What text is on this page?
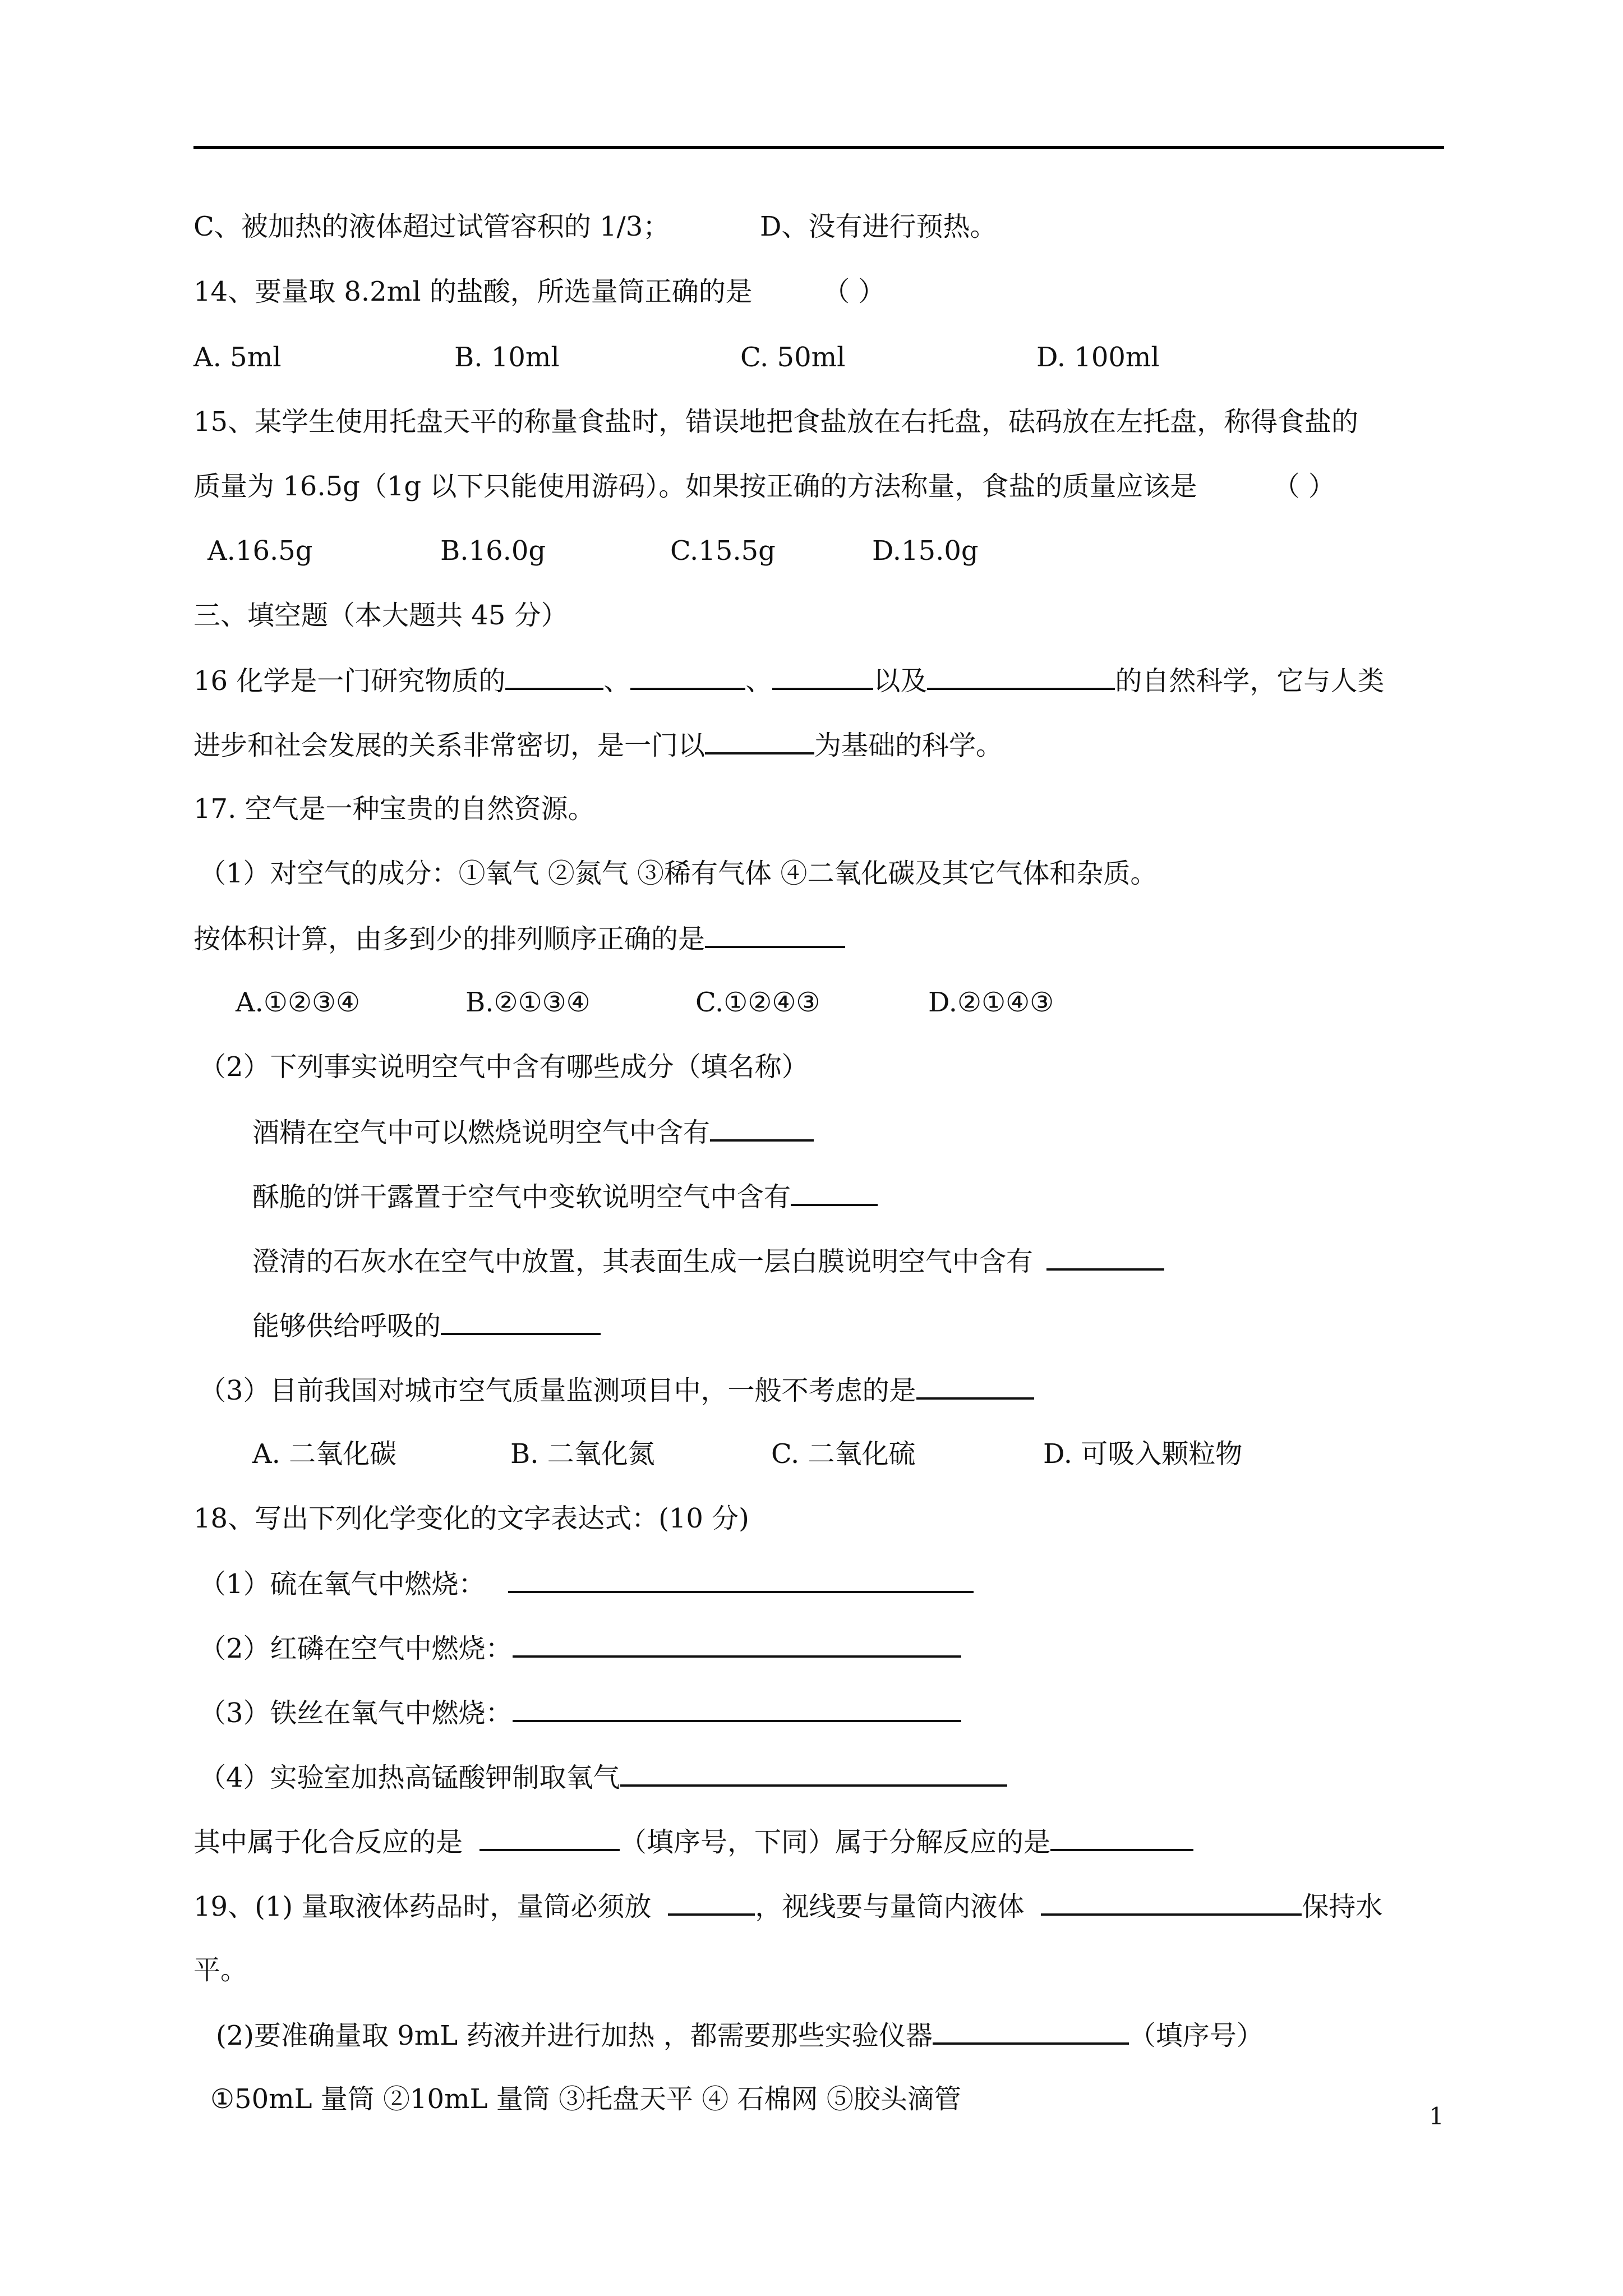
C、被加热的液体超过试管容积的 1/3；	D、没有进行预热。
14、要量取 8.2ml 的盐酸，所选量筒正确的是	（ ）
A. 5ml	B. 10ml	C. 50ml	D. 100ml
15、某学生使用托盘天平的称量食盐时，错误地把食盐放在右托盘，砝码放在左托盘，称得食盐的
质量为 16.5g（1g 以下只能使用游码）。如果按正确的方法称量，食盐的质量应该是	（ ）
A.16.5g	B.16.0g	C.15.5g	D.15.0g
三、填空题（本大题共 45 分）
16 化学是一门研究物质的	、	、	以及	的自然科学，它与人类
进步和社会发展的关系非常密切，是一门以	为基础的科学。
17. 空气是一种宝贵的自然资源。
（1）对空气的成分：①氧气 ②氮气 ③稀有气体 ④二氧化碳及其它气体和杂质。
按体积计算，由多到少的排列顺序正确的是
A.①②③④	B.②①③④	C.①②④③	D.②①④③
（2）下列事实说明空气中含有哪些成分（填名称）
酒精在空气中可以燃烧说明空气中含有
酥脆的饼干露置于空气中变软说明空气中含有
澄清的石灰水在空气中放置，其表面生成一层白膜说明空气中含有
能够供给呼吸的
（3）目前我国对城市空气质量监测项目中，一般不考虑的是
A. 二氧化碳	B. 二氧化氮	C. 二氧化硫	D. 可吸入颗粒物
18、写出下列化学变化的文字表达式：(10 分)
（1）硫在氧气中燃烧：
（2）红磷在空气中燃烧：
（3）铁丝在氧气中燃烧：
（4）实验室加热高锰酸钾制取氧气
其中属于化合反应的是	（填序号，下同）属于分解反应的是
19、(1) 量取液体药品时，量筒必须放	，视线要与量筒内液体	保持水
平。
(2)要准确量取 9mL 药液并进行加热 ，都需要那些实验仪器	（填序号）
①50mL 量筒 ②10mL 量筒 ③托盘天平 ④ 石棉网 ⑤胶头滴管
1
